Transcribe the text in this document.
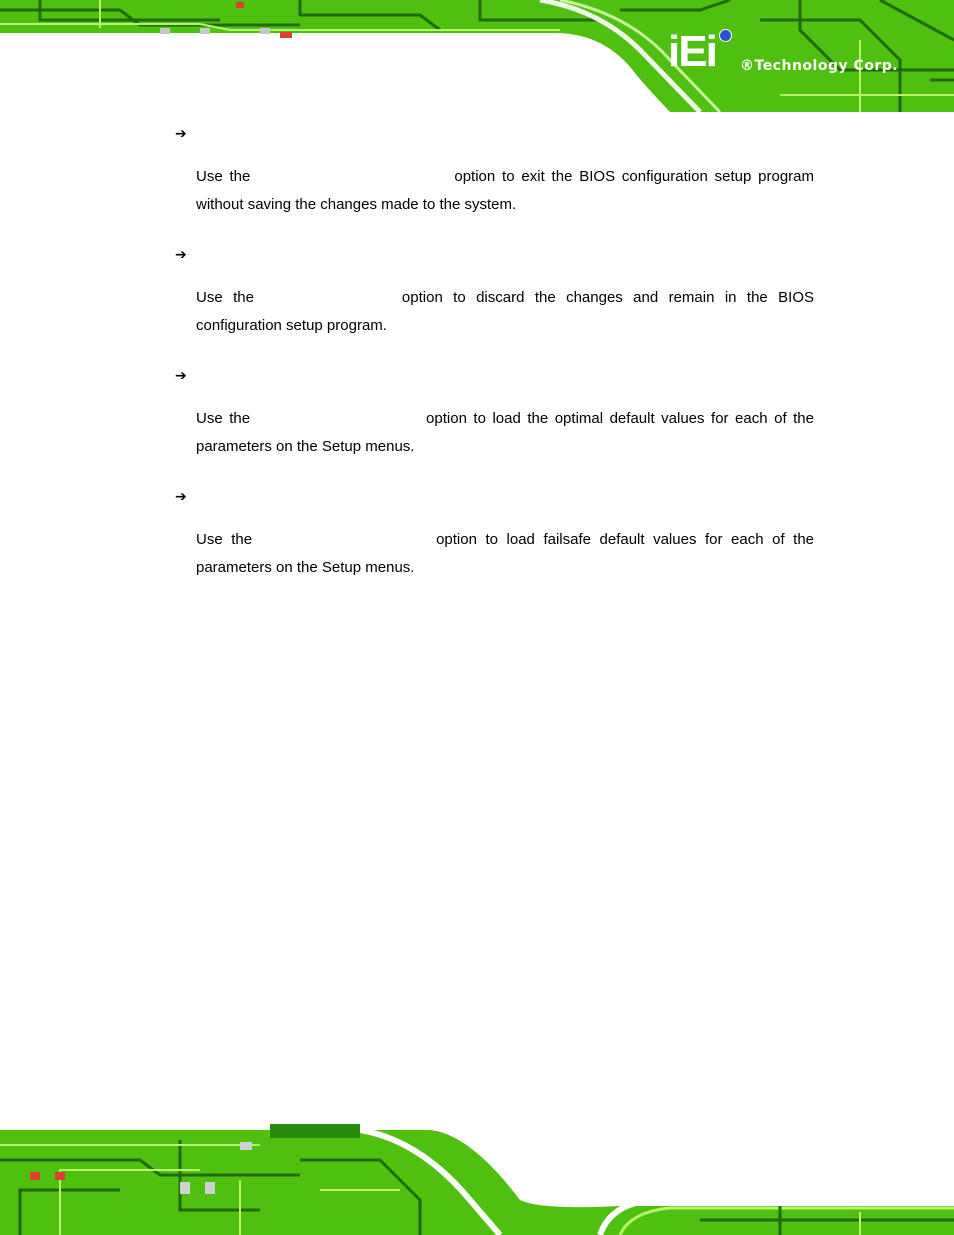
iEi ®Technology Corp.
➔
Use the	option to exit the BIOS configuration setup program without saving the changes made to the system.
➔
Use the	option to discard the changes and remain in the BIOS configuration setup program.
➔
Use the	option to load the optimal default values for each of the parameters on the Setup menus.
➔
Use the	option to load failsafe default values for each of the parameters on the Setup menus.
